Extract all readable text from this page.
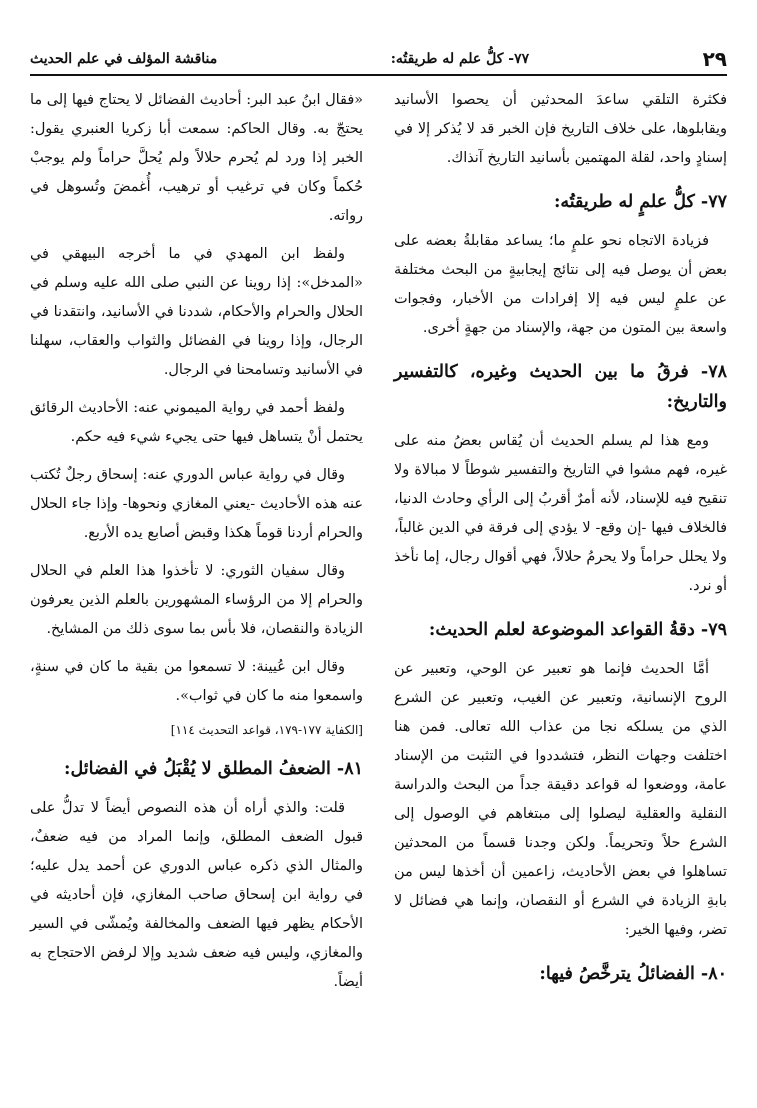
٢٩
٧٧- كلُّ علم له طريقتُه:
مناقشة المؤلف في علم الحديث

فكثرة التلقي ساعدَ المحدثين أن يحصوا الأسانيد ويقابلوها، على خلاف التاريخ فإن الخبر قد لا يُذكر إلا في إسنادٍ واحد، لقلة المهتمين بأسانيد التاريخ آنذاك.

٧٧- كلُّ علمٍ له طريقتُه:

فزيادة الاتجاه نحو علمٍ ما؛ يساعد مقابلةُ بعضه على بعض أن يوصل فيه إلى نتائج إيجابيةٍ من البحث مختلفة عن علمٍ ليس فيه إلا إفرادات من الأخبار، وفجوات واسعة بين المتون من جهة، والإسناد من جهةٍ أخرى.

٧٨- فرقُ ما بين الحديث وغيره، كالتفسير والتاريخ:

ومع هذا لم يسلم الحديث أن يُقاس بعضُ منه على غيره، فهم مشوا في التاريخ والتفسير شوطاً لا مبالاة ولا تنقيح فيه للإسناد، لأنه أمرٌ أقربُ إلى الرأي وحادث الدنيا، فالخلاف فيها -إن وقع- لا يؤدي إلى فرقة في الدين غالباً، ولا يحلل حراماً ولا يحرمُ حلالاً، فهي أقوال رجال، إما نأخذ أو نرد.

٧٩- دقةُ القواعد الموضوعة لعلم الحديث:

أمَّا الحديث فإنما هو تعبير عن الوحي، وتعبير عن الروح الإنسانية، وتعبير عن الغيب، وتعبير عن الشرع الذي من يسلكه نجا من عذاب الله تعالى. فمن هنا اختلفت وجهات النظر، فتشددوا في التثبت من الإسناد عامة، ووضعوا له قواعد دقيقة جداً من البحث والدراسة النقلية والعقلية ليصلوا إلى مبتغاهم في الوصول إلى الشرع حلاً وتحريماً. ولكن وجدنا قسماً من المحدثين تساهلوا في بعض الأحاديث، زاعمين أن أخذها ليس من بابةِ الزيادة في الشرع أو النقصان، وإنما هي فضائل لا تضر، وفيها الخير:

٨٠- الفضائلُ يترخَّصُ فيها:

«فقال ابنُ عبد البر: أحاديث الفضائل لا يحتاج فيها إلى ما يحتجّ به. وقال الحاكم: سمعت أبا زكريا العنبري يقول: الخبر إذا ورد لم يُحرم حلالاً ولم يُحلَّ حراماً ولم يوجبْ حُكماً وكان في ترغيب أو ترهيب، أُغمضَ وتُسوهل في رواته.

ولفظ ابن المهدي في ما أخرجه البيهقي في «المدخل»: إذا روينا عن النبي صلى الله عليه وسلم في الحلال والحرام والأحكام، شددنا في الأسانيد، وانتقدنا في الرجال، وإذا روينا في الفضائل والثواب والعقاب، سهلنا في الأسانيد وتسامحنا في الرجال.

ولفظ أحمد في رواية الميموني عنه: الأحاديث الرقائق يحتمل أنْ يتساهل فيها حتى يجيء شيء فيه حكم.

وقال في رواية عباس الدوري عنه: إسحاق رجلٌ تُكتب عنه هذه الأحاديث -يعني المغازي ونحوها- وإذا جاء الحلال والحرام أردنا قوماً هكذا وقبض أصابع يده الأربع.

وقال سفيان الثوري: لا تأخذوا هذا العلم في الحلال والحرام إلا من الرؤساء المشهورين بالعلم الذين يعرفون الزيادة والنقصان، فلا بأس بما سوى ذلك من المشايخ.

وقال ابن عُيينة: لا تسمعوا من بقية ما كان في سنةٍ، واسمعوا منه ما كان في ثواب».

[الكفاية ١٧٧-١٧٩، قواعد التحديث ١١٤]

٨١- الضعفُ المطلق لا يُقْبَلُ في الفضائل:

قلت: والذي أراه أن هذه النصوص أيضاً لا تدلُّ على قبول الضعف المطلق، وإنما المراد من فيه ضعفٌ، والمثال الذي ذكره عباس الدوري عن أحمد يدل عليه؛ في رواية ابن إسحاق صاحب المغازي، فإن أحاديثه في الأحكام يظهر فيها الضعف والمخالفة ويُمشّى في السير والمغازي، وليس فيه ضعف شديد وإلا لرفض الاحتجاج به أيضاً.
